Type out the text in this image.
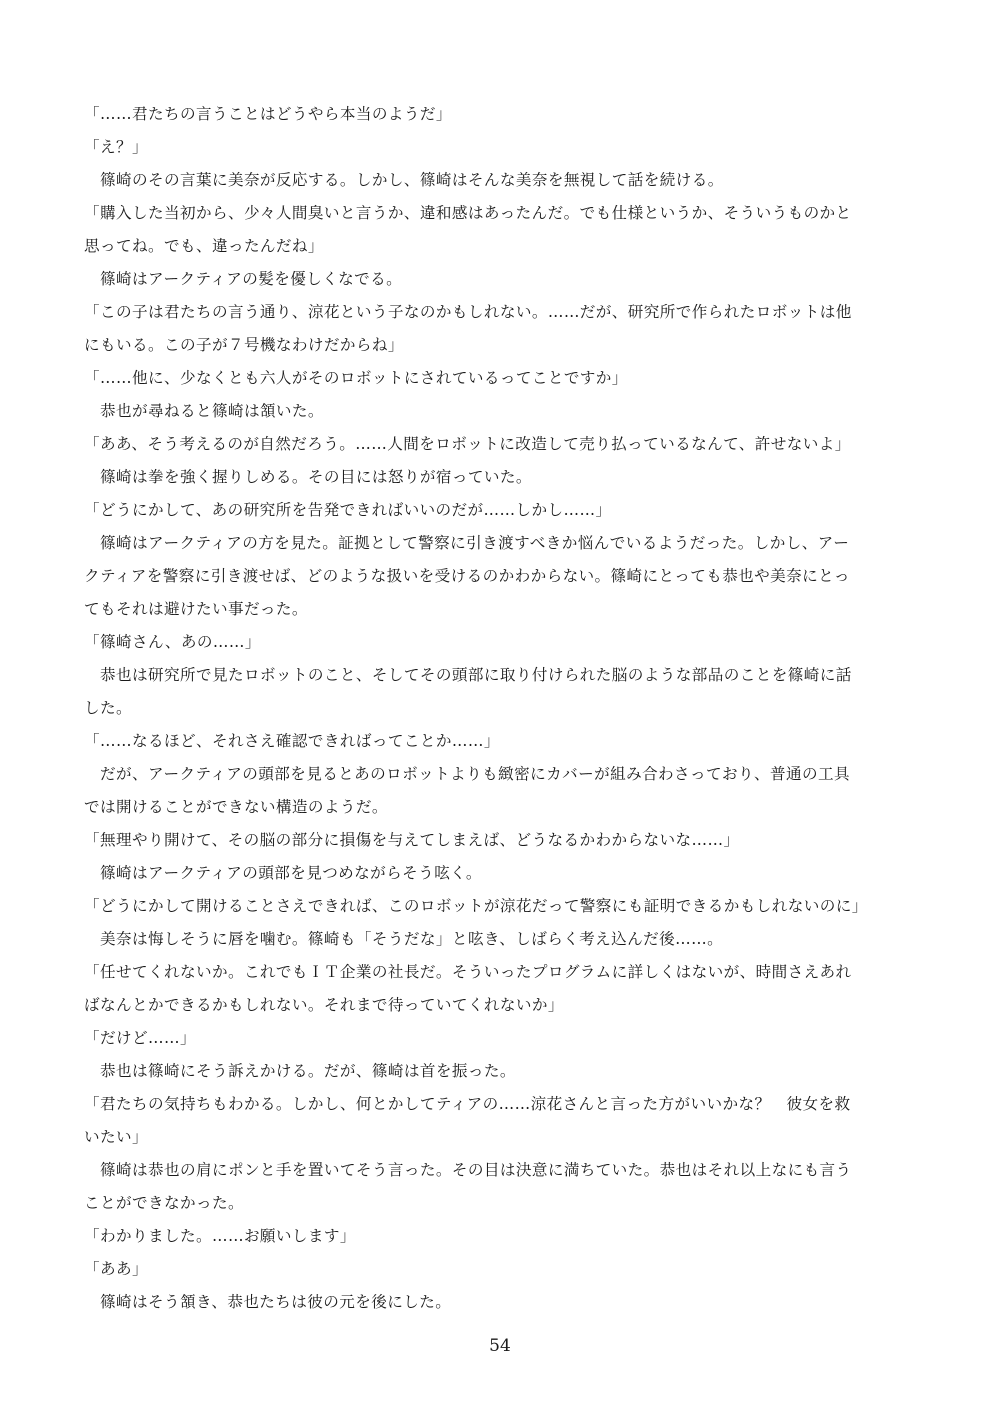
「……君たちの言うことはどうやら本当のようだ」
「え？」
　篠崎のその言葉に美奈が反応する。しかし、篠崎はそんな美奈を無視して話を続ける。
「購入した当初から、少々人間臭いと言うか、違和感はあったんだ。でも仕様というか、そういうものかと
思ってね。でも、違ったんだね」
　篠崎はアークティアの髪を優しくなでる。
「この子は君たちの言う通り、涼花という子なのかもしれない。……だが、研究所で作られたロボットは他
にもいる。この子が７号機なわけだからね」
「……他に、少なくとも六人がそのロボットにされているってことですか」
　恭也が尋ねると篠崎は頷いた。
「ああ、そう考えるのが自然だろう。……人間をロボットに改造して売り払っているなんて、許せないよ」
　篠崎は拳を強く握りしめる。その目には怒りが宿っていた。
「どうにかして、あの研究所を告発できればいいのだが……しかし……」
　篠崎はアークティアの方を見た。証拠として警察に引き渡すべきか悩んでいるようだった。しかし、アー
クティアを警察に引き渡せば、どのような扱いを受けるのかわからない。篠崎にとっても恭也や美奈にとっ
てもそれは避けたい事だった。
「篠崎さん、あの……」
　恭也は研究所で見たロボットのこと、そしてその頭部に取り付けられた脳のような部品のことを篠崎に話
した。
「……なるほど、それさえ確認できればってことか……」
　だが、アークティアの頭部を見るとあのロボットよりも緻密にカバーが組み合わさっており、普通の工具
では開けることができない構造のようだ。
「無理やり開けて、その脳の部分に損傷を与えてしまえば、どうなるかわからないな……」
　篠崎はアークティアの頭部を見つめながらそう呟く。
「どうにかして開けることさえできれば、このロボットが涼花だって警察にも証明できるかもしれないのに」
　美奈は悔しそうに唇を噛む。篠崎も「そうだな」と呟き、しばらく考え込んだ後……。
「任せてくれないか。これでもＩＴ企業の社長だ。そういったプログラムに詳しくはないが、時間さえあれ
ばなんとかできるかもしれない。それまで待っていてくれないか」
「だけど……」
　恭也は篠崎にそう訴えかける。だが、篠崎は首を振った。
「君たちの気持ちもわかる。しかし、何とかしてティアの……涼花さんと言った方がいいかな？　彼女を救
いたい」
　篠崎は恭也の肩にポンと手を置いてそう言った。その目は決意に満ちていた。恭也はそれ以上なにも言う
ことができなかった。
「わかりました。……お願いします」
「ああ」
　篠崎はそう頷き、恭也たちは彼の元を後にした。
54
